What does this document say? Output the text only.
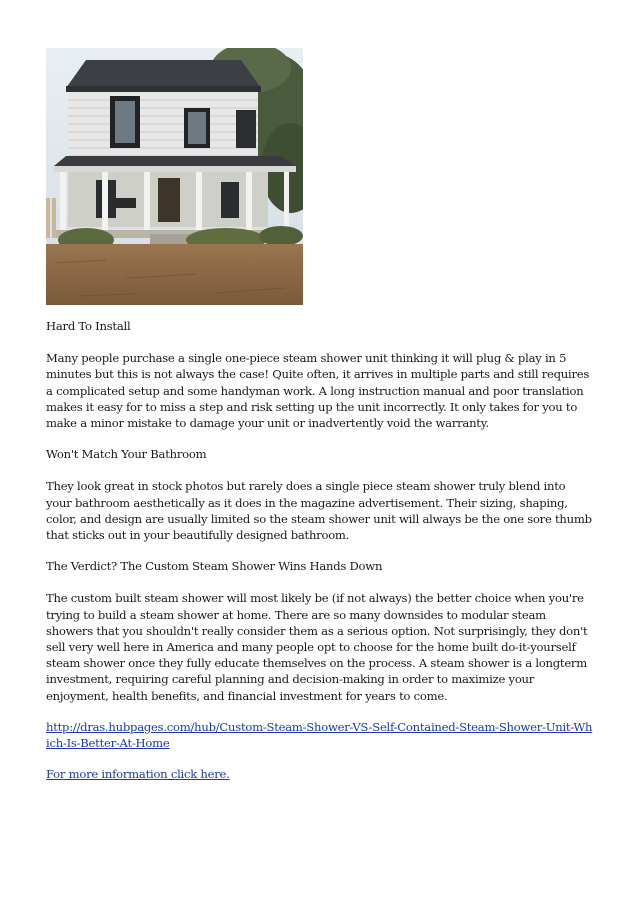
Hard To Install

Many people purchase a single one-piece steam shower unit thinking it will plug & play in 5 minutes but this is not always the case! Quite often, it arrives in multiple parts and still requires a complicated setup and some handyman work. A long instruction manual and poor translation makes it easy for to miss a step and risk setting up the unit incorrectly. It only takes for you to make a minor mistake to damage your unit or inadvertently void the warranty.

Won't Match Your Bathroom

They look great in stock photos but rarely does a single piece steam shower truly blend into your bathroom aesthetically as it does in the magazine advertisement. Their sizing, shaping, color, and design are usually limited so the steam shower unit will always be the one sore thumb that sticks out in your beautifully designed bathroom.

The Verdict? The Custom Steam Shower Wins Hands Down

The custom built steam shower will most likely be (if not always) the better choice when you're trying to build a steam shower at home. There are so many downsides to modular steam showers that you shouldn't really consider them as a serious option. Not surprisingly, they don't sell very well here in America and many people opt to choose for the home built do-it-yourself steam shower once they fully educate themselves on the process. A steam shower is a longterm investment, requiring careful planning and decision-making in order to maximize your enjoyment, health benefits, and financial investment for years to come.

http://dras.hubpages.com/hub/Custom-Steam-Shower-VS-Self-Contained-Steam-Shower-Unit-Which-Is-Better-At-Home

For more information click here.
